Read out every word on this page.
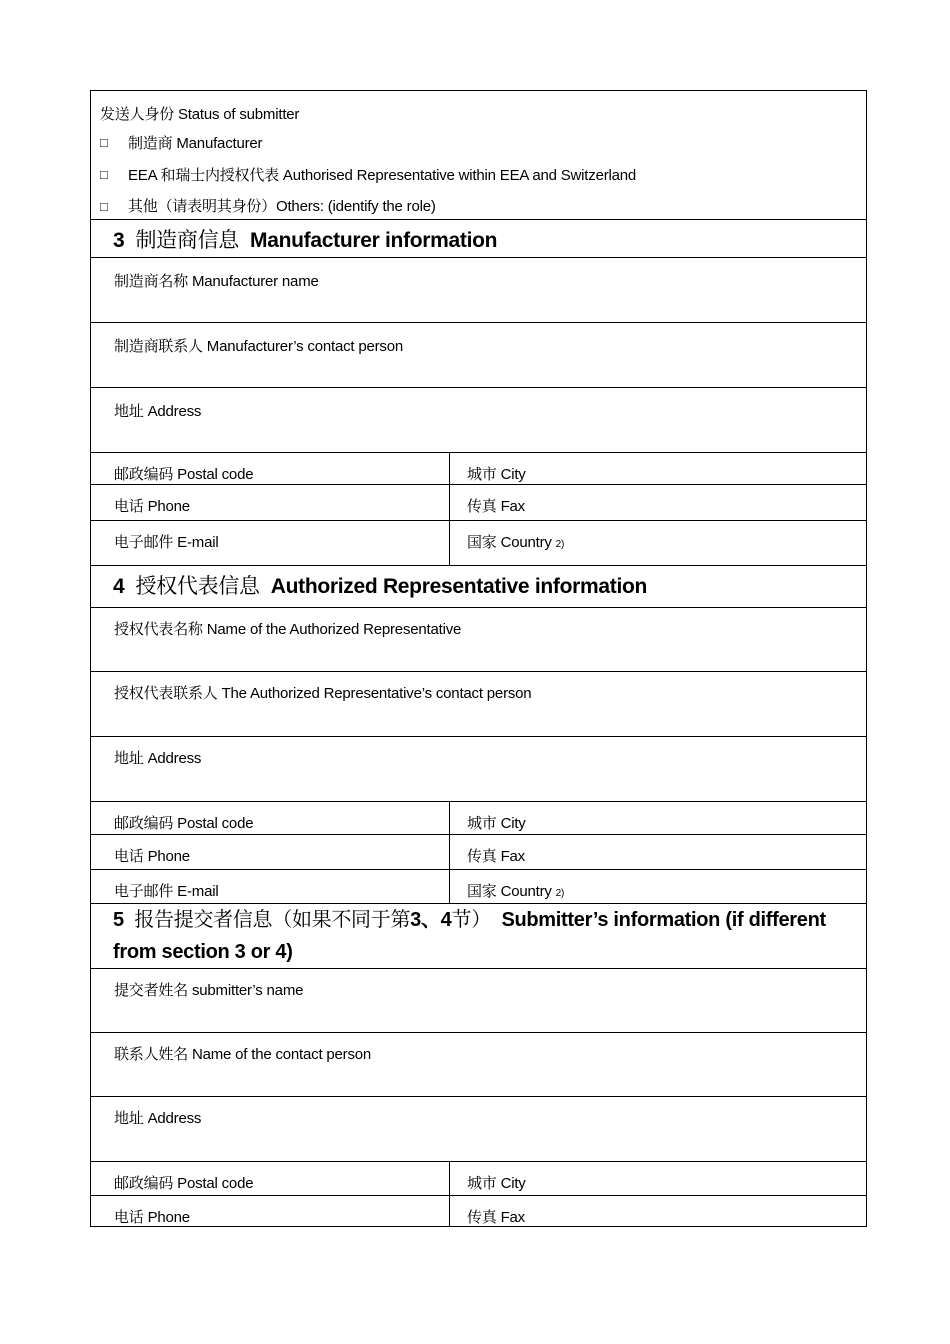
发送人身份 Status of submitter
□ 制造商 Manufacturer
□ EEA 和瑞士内授权代表 Authorised Representative within EEA and Switzerland
□ 其他（请表明其身份）Others: (identify the role)
3 制造商信息 Manufacturer information
制造商名称 Manufacturer name
制造商联系人 Manufacturer’s contact person
地址 Address
邮政编码 Postal code	城市 City
电话 Phone	传真 Fax
电子邮件 E-mail	国家 Country 2)
4 授权代表信息 Authorized Representative information
授权代表名称 Name of the Authorized Representative
授权代表联系人 The Authorized Representative’s contact person
地址 Address
邮政编码 Postal code	城市 City
电话 Phone	传真 Fax
电子邮件 E-mail	国家 Country 2)
5 报告提交者信息（如果不同于第3、4节） Submitter’s information (if different from section 3 or 4)
提交者姓名 submitter’s name
联系人姓名 Name of the contact person
地址 Address
邮政编码 Postal code	城市 City
电话 Phone	传真 Fax
